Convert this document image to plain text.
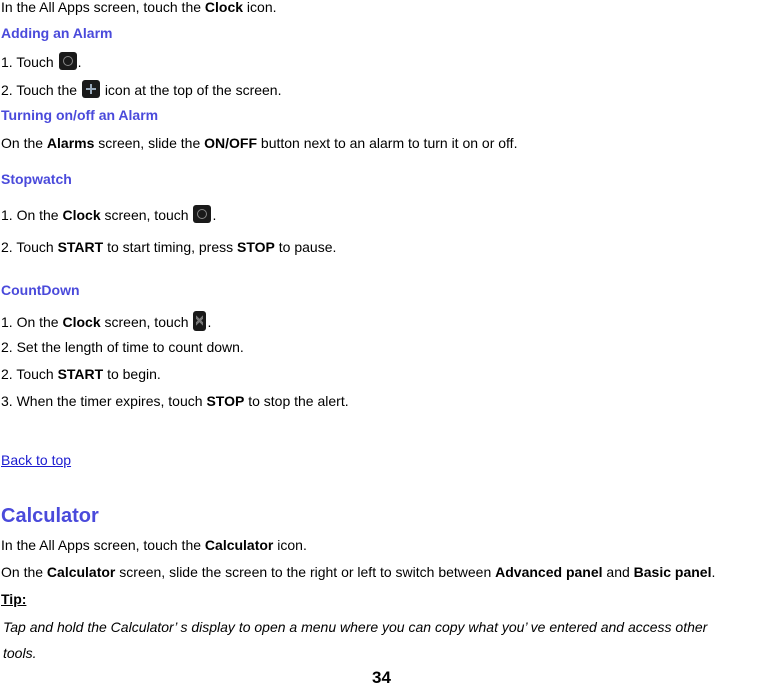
In the All Apps screen, touch the Clock icon.
Adding an Alarm
1. Touch .
2. Touch the  icon at the top of the screen.
Turning on/off an Alarm
On the Alarms screen, slide the ON/OFF button next to an alarm to turn it on or off.
Stopwatch
1. On the Clock screen, touch .
2. Touch START to start timing, press STOP to pause.
CountDown
1. On the Clock screen, touch .
2. Set the length of time to count down.
2. Touch START to begin.
3. When the timer expires, touch STOP to stop the alert.
Back to top
Calculator
In the All Apps screen, touch the Calculator icon.
On the Calculator screen, slide the screen to the right or left to switch between Advanced panel and Basic panel.
Tip:
Tap and hold the Calculator’ s display to open a menu where you can copy what you’ ve entered and access other
tools.
34
